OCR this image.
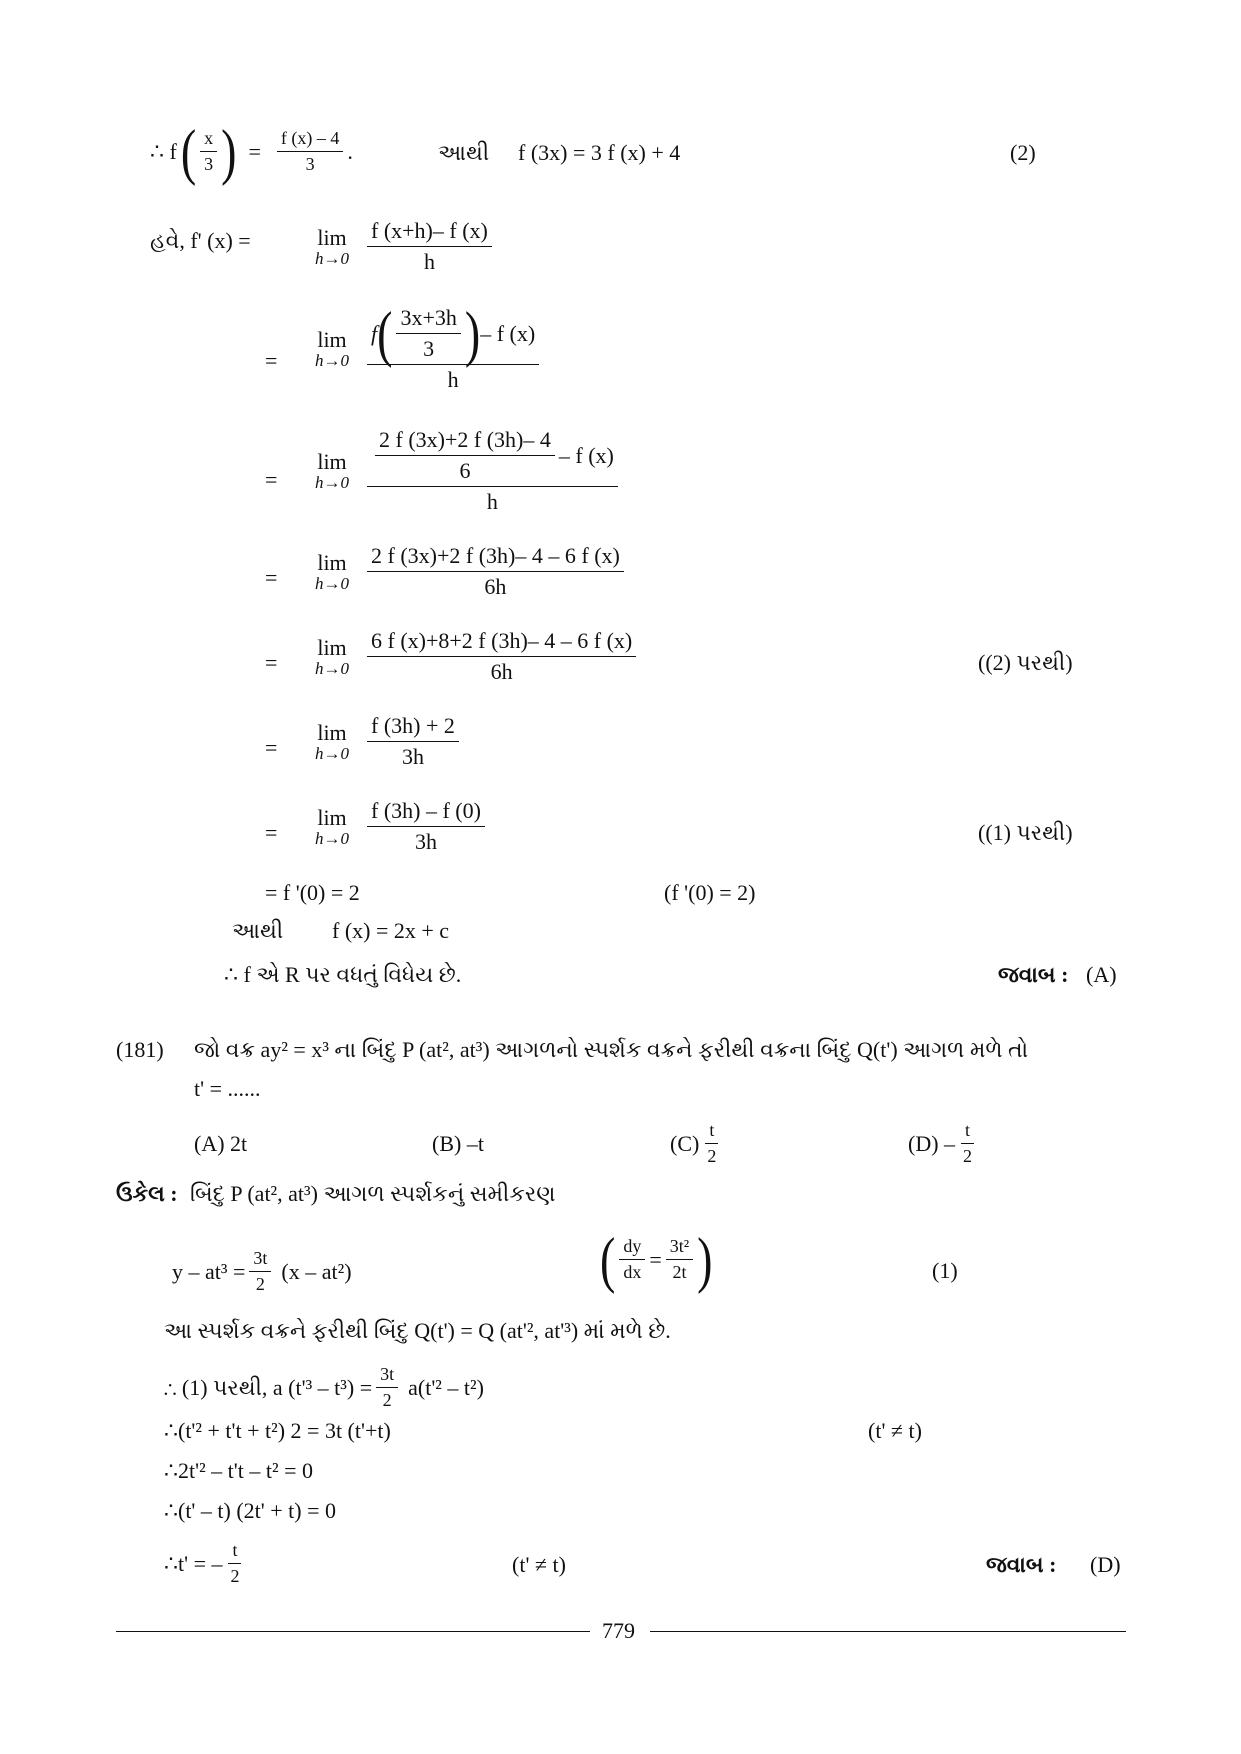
∴ f ( $\frac{x}{3}$ ) = $\frac{f (x) - 4}{3}$ .	આથી f (3x) = 3 f (x) + 4	(2)
હવે, f' (x) =	lim
$h\to 0 \frac{f (x+h)- f (x)}{h}$
=
lim
$h\to 0 \frac{f ( \frac{3x+3h}{3} ) - f (x)}{h}$
=
lim
$h\to 0 \frac{\frac{2 f (3x)+2 f (3h)- 4}{6} - f (x)}{h}$
=
lim
$h\to 0 \frac{2 f (3x)+2 f (3h)- 4 - 6 f (x)}{6h}$
=
lim
$h\to 0 \frac{6 f (x)+8+2 f (3h)- 4 - 6 f (x)}{6h}$	((2) પરથી)
=
lim
$h\to 0 \frac{f (3h) + 2}{3h}$
=
lim
$h\to 0 \frac{f (3h) - f (0)}{3h}$	((1) પરથી)
= f '(0) = 2	(f '(0) = 2)
આથી f (x) = 2x + c
∴ f એ R પર વધતું વિધેય છે.	જવાબ : (A)
(181) જો વક્ર ay² = x³ ના બિંદુ P (at², at³) આગળનો સ્પર્શક વક્રને ફરીથી વક્રના બિંદુ Q(t') આગળ મળે તો
t' = ......
(A) 2t	(B) –t	$(C) \frac{t}{2}$	$(D) - \frac{t}{2}$
ઉકેલ : બિંદુ P (at², at³) આગળ સ્પર્શકનું સમીકરણ
$y - at^3 = \frac{3t}{2} (x - at^2)$	( $\frac{dy}{dx} = \frac{\text{3t²}}{2t}$ )	(1)
આ સ્પર્શક વક્રને ફરીથી બિંદુ Q(t') = Q (at'², at'³) માં મળે છે.
∴ (1) પરથી, a $(t'^3 - t^3) = \frac{3t}{2} a(t'^2 - t^2)$
∴(t'² + t't + t²) 2 = 3t (t'+t)	(t' ≠ t)
∴2t'² – t't – t² = 0
∴(t' – t) (2t' + t) = 0
∴t' = – $\frac{t}{2}$	(t' ≠ t)	જવાબ : (D)
779
